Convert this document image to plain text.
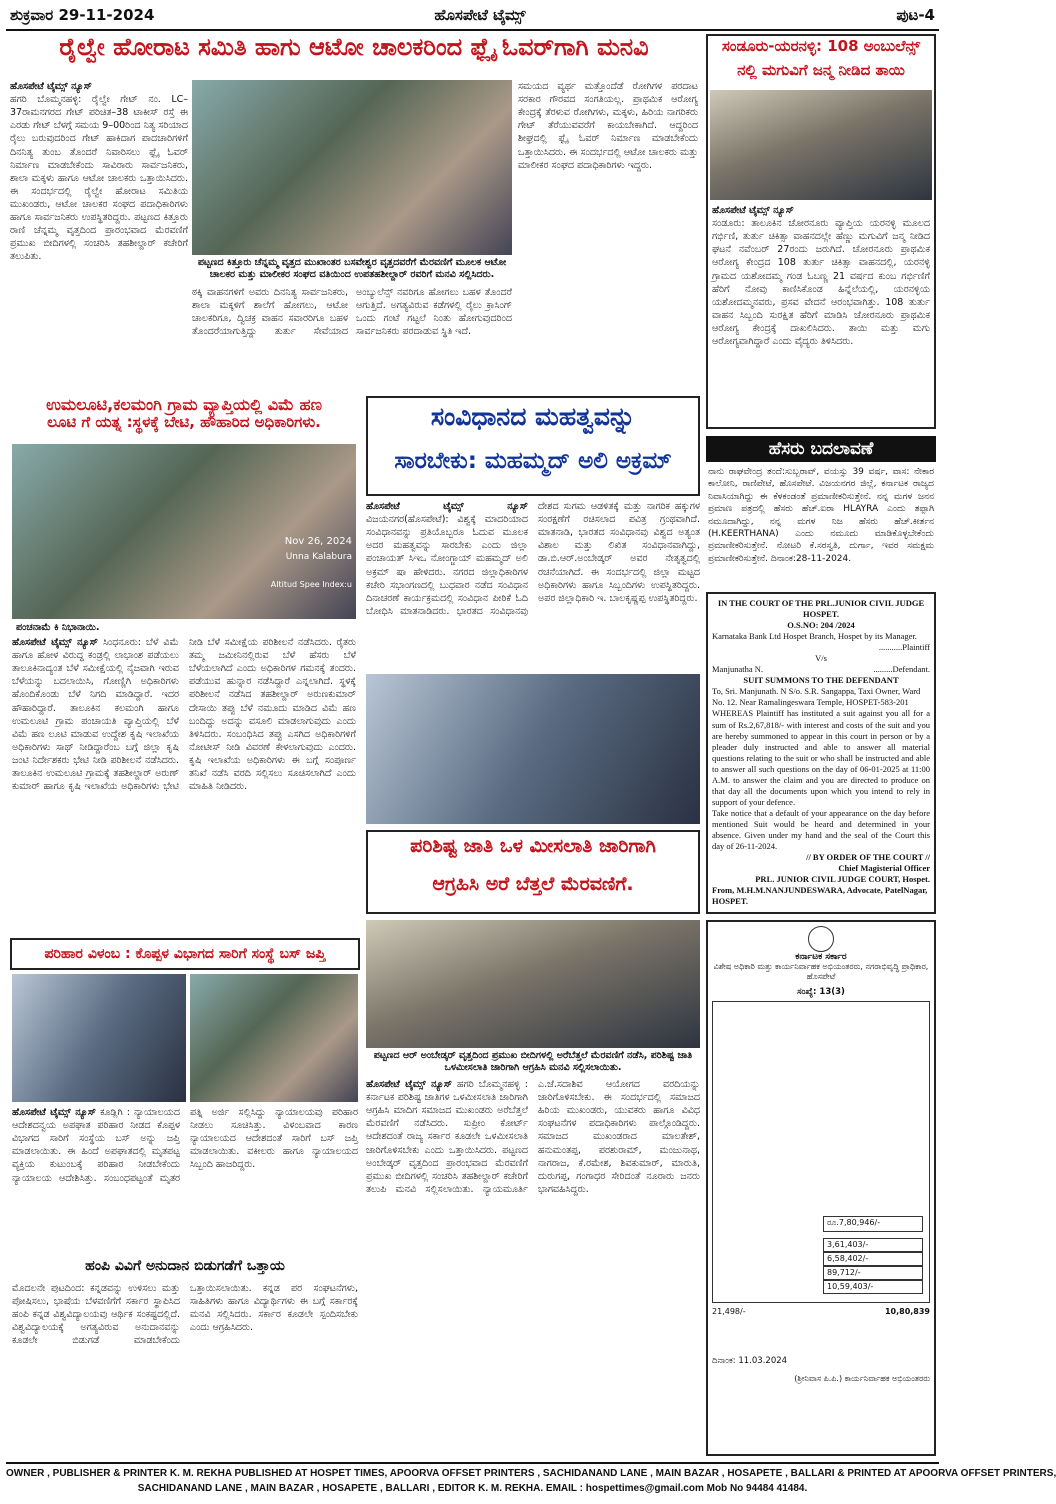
ಶುಕ್ರವಾರ 29-11-2024	ಹೊಸಪೇಟೆ ಟೈಮ್ಸ್	ಪುಟ-4
ರೈಲ್ವೇ ಹೋರಾಟ ಸಮಿತಿ ಹಾಗು ಆಟೋ ಚಾಲಕರಿಂದ ಫ್ಲೈ ಓವರ್‌ಗಾಗಿ ಮನವಿ
ಹೊಸಪೇಟೆ ಟೈಮ್ಸ್ ನ್ಯೂಸ್
ಹಗರಿ ಬೊಮ್ಮನಹಳ್ಳಿ: ರೈಲ್ವೇ ಗೇಟ್ ನಂ. LC–37ರಾಮನಗರದ ಗೇಟ್ ಪರಿಚಿತ–38 ಟಾಕೀಸ್ ರಸ್ತೆ ಈ ಎರಡು ಗೇಟ್ ಬೆಳಗ್ಗೆ ಸಮಯ 9–00ರಿಂದ ನಿತ್ಯ ಸರಿಯಾದ ರೈಲು ಬರುವುದರಿಂದ ಗೇಟ್ ಹಾಕಿದಾಗ ಪಾದಚಾರಿಗಳಿಗೆ ದಿನನಿತ್ಯ ತುಂಬ ತೊಂದರೆ ನಿವಾರಿಸಲು ಫ್ಲೈ ಓವರ್ ನಿರ್ಮಾಣ ಮಾಡಬೇಕೆಂದು ಸಾವಿರಾರು ಸಾರ್ವಜನಿಕರು, ಶಾಲಾ ಮಕ್ಕಳು ಹಾಗೂ ಆಟೋ ಚಾಲಕರು ಒತ್ತಾಯಿಸಿದರು. ಈ ಸಂದರ್ಭದಲ್ಲಿ ರೈಲ್ವೇ ಹೋರಾಟ ಸಮಿತಿಯ ಮುಖಂಡರು, ಆಟೋ ಚಾಲಕರ ಸಂಘದ ಪದಾಧಿಕಾರಿಗಳು ಹಾಗೂ ಸಾರ್ವಜನಿಕರು ಉಪಸ್ಥಿತರಿದ್ದರು. ಪಟ್ಟಣದ ಕಿತ್ತೂರು ರಾಣಿ ಚೆನ್ನಮ್ಮ ವೃತ್ತದಿಂದ ಪ್ರಾರಂಭವಾದ ಮೆರವಣಿಗೆ ಪ್ರಮುಖ ಬೀದಿಗಳಲ್ಲಿ ಸಂಚರಿಸಿ ತಹಶೀಲ್ದಾರ್ ಕಚೇರಿಗೆ ತಲುಪಿತು.
ಪಟ್ಟಣದ ಕಿತ್ತೂರು ಚೆನ್ನಮ್ಮ ವೃತ್ತದ ಮುಖಾಂತರ ಬಸವೇಶ್ವರ ವೃತ್ತದವರೆಗೆ ಮೆರವಣಿಗೆ ಮೂಲಕ ಆಟೋ ಚಾಲಕರ ಮತ್ತು ಮಾಲೀಕರ ಸಂಘದ ವತಿಯಿಂದ ಉಪತಹಶೀಲ್ದಾರ್ ರವರಿಗೆ ಮನವಿ ಸಲ್ಲಿಸಿದರು.
ಠಕ್ಕಿ ವಾಹನಗಳಿಗೆ ಅವರು ದಿನನಿತ್ಯ ಸಾರ್ವಜನಿಕರು, ಶಾಲಾ ಮಕ್ಕಳಿಗೆ ಶಾಲೆಗೆ ಹೋಗಲು, ಆಟೋ ಚಾಲಕರಿಗೂ, ದ್ವಿಚಕ್ರ ವಾಹನ ಸವಾರರಿಗೂ ಬಹಳ ತೊಂದರೆಯಾಗುತ್ತಿದ್ದು ತುರ್ತು ಸೇವೆಯಾದ ಅಂಬ್ಯುಲೆನ್ಸ್ ನವರಿಗೂ ಹೋಗಲು ಬಹಳ ತೊಂದರೆ ಆಗುತ್ತಿದೆ. ಅಗತ್ಯವಿರುವ ಕಡೆಗಳಲ್ಲಿ ರೈಲು ಕ್ರಾಸಿಂಗ್ ಒಂದು ಗಂಟೆ ಗಟ್ಟಲೆ ನಿಂತು ಹೋಗುವುದರಿಂದ ಸಾರ್ವಜನಿಕರು ಪರದಾಡುವ ಸ್ಥಿತಿ ಇದೆ.
ಸಮಯದ ವ್ಯರ್ಥ ಮತ್ತೊಂದೆಡೆ ರೋಗಿಗಳ ಪರದಾಟ ಸರಕಾರ ಗೌರವದ ಸಂಗತಿಯಲ್ಲ. ಪ್ರಾಥಮಿಕ ಆರೋಗ್ಯ ಕೇಂದ್ರಕ್ಕೆ ತೆರಳುವ ರೋಗಿಗಳು, ಮಕ್ಕಳು, ಹಿರಿಯ ನಾಗರಿಕರು ಗೇಟ್ ತೆರೆಯುವವರೆಗೆ ಕಾಯಬೇಕಾಗಿದೆ. ಆದ್ದರಿಂದ ಶೀಘ್ರದಲ್ಲಿ ಫ್ಲೈ ಓವರ್ ನಿರ್ಮಾಣ ಮಾಡಬೇಕೆಂದು ಒತ್ತಾಯಿಸಿದರು. ಈ ಸಂದರ್ಭದಲ್ಲಿ ಆಟೋ ಚಾಲಕರು ಮತ್ತು ಮಾಲೀಕರ ಸಂಘದ ಪದಾಧಿಕಾರಿಗಳು ಇದ್ದರು.
ಸಂಡೂರು-ಯರನಳ್ಳಿ: 108 ಅಂಬುಲೆನ್ಸ್
ನಲ್ಲಿ ಮಗುವಿಗೆ ಜನ್ಮ ನೀಡಿದ ತಾಯಿ
ಹೊಸಪೇಟೆ ಟೈಮ್ಸ್ ನ್ಯೂಸ್
ಸಂಡೂರು: ತಾಲೂಕಿನ ಚೋರನೂರು ವ್ಯಾಪ್ತಿಯ ಯರನಳ್ಳಿ ಮೂಲದ ಗರ್ಭಿಣಿ, ತುರ್ತು ಚಿಕಿತ್ಸಾ ವಾಹನದಲ್ಲೇ ಹೆಣ್ಣು ಮಗುವಿಗೆ ಜನ್ಮ ನೀಡಿದ ಘಟನೆ ನವೆಂಬರ್ 27ರಂದು ಜರುಗಿದೆ. ಚೋರನೂರು ಪ್ರಾಥಮಿಕ ಆರೋಗ್ಯ ಕೇಂದ್ರದ 108 ತುರ್ತು ಚಿಕಿತ್ಸಾ ವಾಹನದಲ್ಲಿ, ಯರನಳ್ಳಿ ಗ್ರಾಮದ ಯಶೋದಮ್ಮ ಗಂಡ ಓಬಣ್ಣ 21 ವರ್ಷದ ಕುಂಬ ಗರ್ಭಿಣಿಗೆ ಹೆರಿಗೆ ನೋವು ಕಾಣಿಸಿಕೊಂಡ ಹಿನ್ನೆಲೆಯಲ್ಲಿ, ಯರನಳ್ಳಿಯ ಯಶೋದಮ್ಮನವರು, ಪ್ರಸವ ವೇದನೆ ಆರಂಭವಾಗಿತ್ತು. 108 ತುರ್ತು ವಾಹನ ಸಿಬ್ಬಂದಿ ಸುರಕ್ಷಿತ ಹೆರಿಗೆ ಮಾಡಿಸಿ ಚೋರನೂರು ಪ್ರಾಥಮಿಕ ಆರೋಗ್ಯ ಕೇಂದ್ರಕ್ಕೆ ದಾಖಲಿಸಿದರು. ತಾಯಿ ಮತ್ತು ಮಗು ಆರೋಗ್ಯವಾಗಿದ್ದಾರೆ ಎಂದು ವೈದ್ಯರು ತಿಳಿಸಿದರು.
ಹೆಸರು ಬದಲಾವಣೆ
ನಾನು ರಾಘವೇಂದ್ರ ತಂದೆ:ಸುಬ್ಬರಾವ್, ವಯಸ್ಸು 39 ವರ್ಷ, ವಾಸ: ನೇಕಾರ ಕಾಲೋನಿ, ರಾಣಿಪೇಟೆ, ಹೊಸಪೇಟೆ. ವಿಜಯನಗರ ಜಿಲ್ಲೆ, ಕರ್ನಾಟಕ ರಾಜ್ಯದ ನಿವಾಸಿಯಾಗಿದ್ದು ಈ ಕೆಳಕಂಡಂತೆ ಪ್ರಮಾಣೀಕರಿಸುತ್ತೇನೆ. ನನ್ನ ಮಗಳ ಜನನ ಪ್ರಮಾಣ ಪತ್ರದಲ್ಲಿ ಹೆಸರು ಹೆಚ್.ಐರಾ HLAYRA ಎಂದು ತಪ್ಪಾಗಿ ನಮೂದಾಗಿದ್ದು, ನನ್ನ ಮಗಳ ನಿಜ ಹೆಸರು ಹೆಚ್.ಕೀರ್ತನ (H.KEERTHANA) ಎಂದು ನಮೂದು ಮಾಡಿಕೊಳ್ಳಬೇಕೆಂದು ಪ್ರಮಾಣೀಕರಿಸುತ್ತೇನೆ. ನೋಟರಿ ಕೆ.ಸರಸ್ವತಿ, ದುರ್ಗಾ, ಇವರ ಸಮಕ್ಷಮ ಪ್ರಮಾಣೀಕರಿಸುತ್ತೇನೆ. ದಿನಾಂಕ:28-11-2024.
IN THE COURT OF THE PRL.JUNIOR CIVIL JUDGE HOSPET.
O.S.NO: 204 /2024
Karnataka Bank Ltd Hospet Branch, Hospet by its Manager.
...........Plaintiff
V/s
Manjunatha N.	.........Defendant.
SUIT SUMMONS TO THE DEFENDANT
To, Sri. Manjunath. N S/o. S.R. Sangappa, Taxi Owner, Ward No. 12. Near Ramalingeswara Temple, HOSPET-583-201
WHEREAS Plaintiff has instituted a suit against you all for a sum of Rs.2,67,818/- with interest and costs of the suit and you are hereby summoned to appear in this court in person or by a pleader duly instructed and able to answer all material questions relating to the suit or who shall be instructed and able to answer all such questions on the day of 06-01-2025 at 11:00 A.M. to answer the claim and you are directed to produce on that day all the documents upon which you intend to rely in support of your defence.
Take notice that a default of your appearance on the day before mentioned Suit would be heard and determined in your absence. Given under my hand and the seal of the Court this day of 26-11-2024.
// BY ORDER OF THE COURT //
Chief Magisterial Officer
PRL. JUNIOR CIVIL JUDGE COURT, Hospet.
From, M.H.M.NANJUNDESWARA, Advocate, PatelNagar, HOSPET.
ಉಮಲೂಟಿ,ಕಲಮಂಗಿ ಗ್ರಾಮ ವ್ಯಾಪ್ತಿಯಲ್ಲಿ ವಿಮೆ ಹಣ
ಲೂಟಿ ಗೆ ಯತ್ನ :ಸ್ಥಳಕ್ಕೆ ಬೇಟಿ, ಹೌಹಾರಿದ ಅಧಿಕಾರಿಗಳು.
Nov 26, 2024
Unna Kalabura
Altitud Spee Index:u
ಪಂಚನಾಮೆ ಕಿ ನಿಭಾನಾಯಿ.
ಹೊಸಪೇಟೆ ಟೈಮ್ಸ್ ನ್ಯೂಸ್ ಸಿಂಧನೂರು: ಬೆಳೆ ವಿಮೆ ಹಾಗೂ ಹೋಳ ವಿರುದ್ಧ ಕಂಡ್ರಲ್ಲಿ ಲಾಭಾಂಶ ಪಡೆಯಲು ತಾಲೂಕಿನಾದ್ಯಂತ ಬೆಳೆ ಸಮೀಕ್ಷೆಯಲ್ಲಿ ನೈಜವಾಗಿ ಇರುವ ಬೆಳೆಯನ್ನು ಬದಲಾಯಿಸಿ, ಗೋಣ್ಣಿಗಿ ಅಧಿಕಾರಿಗಳು ಹೊಂದಿಕೊಂಡು ಬೆಳೆ ನಿಗದಿ ಮಾಡಿದ್ದಾರೆ. ಇದರ ಹೌಹಾರಿದ್ದಾರೆ. ತಾಲೂಕಿನ ಕಲಮಂಗಿ ಹಾಗೂ ಉಮಲೂಟಿ ಗ್ರಾಮ ಪಂಚಾಯತಿ ವ್ಯಾಪ್ತಿಯಲ್ಲಿ ಬೆಳೆ ವಿಮೆ ಹಣ ಲೂಟಿ ಮಾಡುವ ಉದ್ದೇಶ ಕೃಷಿ ಇಲಾಖೆಯ ಅಧಿಕಾರಿಗಳು ಸಾಥ್ ನೀಡಿದ್ದಾರೆಂಬ ಬಗ್ಗೆ ಜಿಲ್ಲಾ ಕೃಷಿ ಜಂಟಿ ನಿರ್ದೇಶಕರು ಭೇಟಿ ನೀಡಿ ಪರಿಶೀಲನೆ ನಡೆಸಿದರು. ತಾಲೂಕಿನ ಉಮಲೂಟಿ ಗ್ರಾಮಕ್ಕೆ ತಹಶೀಲ್ದಾರ್ ಅರುಣ್ ಕುಮಾರ್ ಹಾಗೂ ಕೃಷಿ ಇಲಾಖೆಯ ಅಧಿಕಾರಿಗಳು ಭೇಟಿ ನೀಡಿ ಬೆಳೆ ಸಮೀಕ್ಷೆಯ ಪರಿಶೀಲನೆ ನಡೆಸಿದರು. ರೈತರು ತಮ್ಮ ಜಮೀನಿನಲ್ಲಿರುವ ಬೆಳೆ ಹೆಸರು ಬೆಳೆ ಬೆಳೆಯಲಾಗಿದೆ ಎಂದು ಅಧಿಕಾರಿಗಳ ಗಮನಕ್ಕೆ ತಂದರು. ಪಡೆಯುವ ಹುನ್ನಾರ ನಡೆಸಿದ್ದಾರೆ ಎನ್ನಲಾಗಿದೆ. ಸ್ಥಳಕ್ಕೆ ಪರಿಶೀಲನೆ ನಡೆಸಿದ ತಹಶೀಲ್ದಾರ್ ಅರುಣಕುಮಾರ್ ದೇಸಾಯಿ ತಪ್ಪು ಬೆಳೆ ನಮೂದು ಮಾಡಿದ ವಿಮೆ ಹಣ ಬಂದಿದ್ದು ಅದನ್ನು ವಸೂಲಿ ಮಾಡಲಾಗುವುದು ಎಂದು ತಿಳಿಸಿದರು. ಸಂಬಂಧಿಸಿದ ತಪ್ಪು ಎಸಗಿದ ಅಧಿಕಾರಿಗಳಿಗೆ ನೋಟೀಸ್ ನೀಡಿ ವಿವರಣೆ ಕೇಳಲಾಗುವುದು ಎಂದರು. ಕೃಷಿ ಇಲಾಖೆಯ ಅಧಿಕಾರಿಗಳು ಈ ಬಗ್ಗೆ ಸಂಪೂರ್ಣ ತನಿಖೆ ನಡೆಸಿ ವರದಿ ಸಲ್ಲಿಸಲು ಸೂಚಿಸಲಾಗಿದೆ ಎಂದು ಮಾಹಿತಿ ನೀಡಿದರು.
ಸಂವಿಧಾನದ ಮಹತ್ವವನ್ನು
ಸಾರಬೇಕು: ಮಹಮ್ಮದ್ ಅಲಿ ಅಕ್ರಮ್
ಹೊಸಪೇಟೆ ಟೈಮ್ಸ್ ನ್ಯೂಸ್ ವಿಜಯನಗರ(ಹೊಸಪೇಟೆ): ವಿಶ್ವಕ್ಕೆ ಮಾದರಿಯಾದ ಸಂವಿಧಾನವನ್ನು ಪ್ರತಿಯೊಬ್ಬರೂ ಓದುವ ಮೂಲಕ ಅದರ ಮಹತ್ವವನ್ನು ಸಾರಬೇಕು ಎಂದು ಜಿಲ್ಲಾ ಪಂಚಾಯತ್ ಸಿಇಒ ನೋಂಗ್ಜಾಯ್ ಮಹಮ್ಮದ್ ಅಲಿ ಅಕ್ರಮ್ ಷಾ ಹೇಳಿದರು. ನಗರದ ಜಿಲ್ಲಾಧಿಕಾರಿಗಳ ಕಚೇರಿ ಸಭಾಂಗಣದಲ್ಲಿ ಬುಧವಾರ ನಡೆದ ಸಂವಿಧಾನ ದಿನಾಚರಣೆ ಕಾರ್ಯಕ್ರಮದಲ್ಲಿ ಸಂವಿಧಾನ ಪೀಠಿಕೆ ಓದಿ ಬೋಧಿಸಿ ಮಾತನಾಡಿದರು. ಭಾರತದ ಸಂವಿಧಾನವು ದೇಶದ ಸುಗಮ ಆಡಳಿತಕ್ಕೆ ಮತ್ತು ನಾಗರಿಕ ಹಕ್ಕುಗಳ ಸಂರಕ್ಷಣೆಗೆ ರಚಿಸಲಾದ ಪವಿತ್ರ ಗ್ರಂಥವಾಗಿದೆ. ಮಾತನಾಡಿ, ಭಾರತದ ಸಂವಿಧಾನವು ವಿಶ್ವದ ಅತ್ಯಂತ ವಿಶಾಲ ಮತ್ತು ಲಿಖಿತ ಸಂವಿಧಾನವಾಗಿದ್ದು, ಡಾ.ಬಿ.ಆರ್.ಅಂಬೇಡ್ಕರ್ ಅವರ ನೇತೃತ್ವದಲ್ಲಿ ರಚನೆಯಾಗಿದೆ. ಈ ಸಂದರ್ಭದಲ್ಲಿ ಜಿಲ್ಲಾ ಮಟ್ಟದ ಅಧಿಕಾರಿಗಳು ಹಾಗೂ ಸಿಬ್ಬಂದಿಗಳು ಉಪಸ್ಥಿತರಿದ್ದರು. ಅಪರ ಜಿಲ್ಲಾಧಿಕಾರಿ ಇ. ಬಾಲಕೃಷ್ಣಪ್ಪ ಉಪಸ್ಥಿತರಿದ್ದರು.
ಪರಿಶಿಷ್ಟ ಜಾತಿ ಒಳ ಮೀಸಲಾತಿ ಜಾರಿಗಾಗಿ
ಆಗ್ರಹಿಸಿ ಅರೆ ಬೆತ್ತಲೆ ಮೆರವಣಿಗೆ.
ಪಟ್ಟಣದ ಆರ್ ಅಂಬೇಡ್ಕರ್ ವೃತ್ತದಿಂದ ಪ್ರಮುಖ ಬೀದಿಗಳಲ್ಲಿ ಅರೆಬೆತ್ತಲೆ ಮೆರವಣಿಗೆ ನಡೆಸಿ, ಪರಿಶಿಷ್ಟ ಜಾತಿ ಒಳಮೀಸಲಾತಿ ಜಾರಿಗಾಗಿ ಆಗ್ರಹಿಸಿ ಮನವಿ ಸಲ್ಲಿಸಲಾಯಿತು.
ಹೊಸಪೇಟೆ ಟೈಮ್ಸ್ ನ್ಯೂಸ್ ಹಗರಿ ಬೊಮ್ಮನಹಳ್ಳಿ : ಕರ್ನಾಟಕ ಪರಿಶಿಷ್ಟ ಜಾತಿಗಳ ಒಳಮೀಸಲಾತಿ ಜಾರಿಗಾಗಿ ಆಗ್ರಹಿಸಿ ಮಾದಿಗ ಸಮಾಜದ ಮುಖಂಡರು ಅರೆಬೆತ್ತಲೆ ಮೆರವಣಿಗೆ ನಡೆಸಿದರು. ಸುಪ್ರೀಂ ಕೋರ್ಟ್ ಆದೇಶದಂತೆ ರಾಜ್ಯ ಸರ್ಕಾರ ಕೂಡಲೇ ಒಳಮೀಸಲಾತಿ ಜಾರಿಗೊಳಿಸಬೇಕು ಎಂದು ಒತ್ತಾಯಿಸಿದರು. ಪಟ್ಟಣದ ಅಂಬೇಡ್ಕರ್ ವೃತ್ತದಿಂದ ಪ್ರಾರಂಭವಾದ ಮೆರವಣಿಗೆ ಪ್ರಮುಖ ಬೀದಿಗಳಲ್ಲಿ ಸಂಚರಿಸಿ ತಹಶೀಲ್ದಾರ್ ಕಚೇರಿಗೆ ತಲುಪಿ ಮನವಿ ಸಲ್ಲಿಸಲಾಯಿತು. ನ್ಯಾಯಮೂರ್ತಿ ಎ.ಜೆ.ಸದಾಶಿವ ಆಯೋಗದ ವರದಿಯನ್ನು ಜಾರಿಗೊಳಿಸಬೇಕು. ಈ ಸಂದರ್ಭದಲ್ಲಿ ಸಮಾಜದ ಹಿರಿಯ ಮುಖಂಡರು, ಯುವಕರು ಹಾಗೂ ವಿವಿಧ ಸಂಘಟನೆಗಳ ಪದಾಧಿಕಾರಿಗಳು ಪಾಲ್ಗೊಂಡಿದ್ದರು. ಸಮಾಜದ ಮುಖಂಡರಾದ ಮಾಲತೇಶ್, ಹನುಮಂತಪ್ಪ, ಪರಶುರಾಮ್, ಮಂಜುನಾಥ, ನಾಗರಾಜ, ಕೆ.ರಮೇಶ, ಶಿವಕುಮಾರ್, ಮಾರುತಿ, ದುರುಗಪ್ಪ, ಗಂಗಾಧರ ಸೇರಿದಂತೆ ನೂರಾರು ಜನರು ಭಾಗವಹಿಸಿದ್ದರು.
ಪರಿಹಾರ ವಿಳಂಬ : ಕೊಪ್ಪಳ ವಿಭಾಗದ ಸಾರಿಗೆ ಸಂಸ್ಥೆ ಬಸ್ ಜಪ್ತಿ
ಹೊಸಪೇಟೆ ಟೈಮ್ಸ್ ನ್ಯೂಸ್ ಕೂಡ್ಲಿಗಿ : ನ್ಯಾಯಾಲಯದ ಆದೇಶದನ್ವಯ ಅಪಘಾತ ಪರಿಹಾರ ನೀಡದ ಕೊಪ್ಪಳ ವಿಭಾಗದ ಸಾರಿಗೆ ಸಂಸ್ಥೆಯ ಬಸ್ ಅನ್ನು ಜಪ್ತಿ ಮಾಡಲಾಯಿತು. ಈ ಹಿಂದೆ ಅಪಘಾತದಲ್ಲಿ ಮೃತಪಟ್ಟ ವ್ಯಕ್ತಿಯ ಕುಟುಂಬಕ್ಕೆ ಪರಿಹಾರ ನೀಡಬೇಕೆಂದು ನ್ಯಾಯಾಲಯ ಆದೇಶಿಸಿತ್ತು. ಸಂಬಂಧಪಟ್ಟಂತೆ ಮೃತರ ಪತ್ನಿ ಅರ್ಜಿ ಸಲ್ಲಿಸಿದ್ದು ನ್ಯಾಯಾಲಯವು ಪರಿಹಾರ ನೀಡಲು ಸೂಚಿಸಿತ್ತು. ವಿಳಂಬವಾದ ಕಾರಣ ನ್ಯಾಯಾಲಯದ ಆದೇಶದಂತೆ ಸಾರಿಗೆ ಬಸ್ ಜಪ್ತಿ ಮಾಡಲಾಯಿತು. ವಕೀಲರು ಹಾಗೂ ನ್ಯಾಯಾಲಯದ ಸಿಬ್ಬಂದಿ ಹಾಜರಿದ್ದರು.
ಹಂಪಿ ವಿವಿಗೆ ಅನುದಾನ ಬಿಡುಗಡೆಗೆ ಒತ್ತಾಯ
ಮೊದಲನೇ ಪುಟದಿಂದ: ಕನ್ನಡವನ್ನು ಉಳಿಸಲು ಮತ್ತು ಪೋಷಿಸಲು, ಭಾಷೆಯ ಬೆಳವಣಿಗೆಗೆ ಸರ್ಕಾರ ಸ್ಥಾಪಿಸಿದ ಹಂಪಿ ಕನ್ನಡ ವಿಶ್ವವಿದ್ಯಾಲಯವು ಆರ್ಥಿಕ ಸಂಕಷ್ಟದಲ್ಲಿದೆ. ವಿಶ್ವವಿದ್ಯಾಲಯಕ್ಕೆ ಅಗತ್ಯವಿರುವ ಅನುದಾನವನ್ನು ಕೂಡಲೇ ಬಿಡುಗಡೆ ಮಾಡಬೇಕೆಂದು ಒತ್ತಾಯಿಸಲಾಯಿತು. ಕನ್ನಡ ಪರ ಸಂಘಟನೆಗಳು, ಸಾಹಿತಿಗಳು ಹಾಗೂ ವಿದ್ಯಾರ್ಥಿಗಳು ಈ ಬಗ್ಗೆ ಸರ್ಕಾರಕ್ಕೆ ಮನವಿ ಸಲ್ಲಿಸಿದರು. ಸರ್ಕಾರ ಕೂಡಲೇ ಸ್ಪಂದಿಸಬೇಕು ಎಂದು ಆಗ್ರಹಿಸಿದರು.
ಕರ್ನಾಟಕ ಸರ್ಕಾರ
ವಿಶೇಷ ಅಧಿಕಾರಿ ಮತ್ತು ಕಾರ್ಯನಿರ್ವಾಹಕ ಅಭಿಯಂತರರು, ನಗರಾಭಿವೃದ್ಧಿ ಪ್ರಾಧಿಕಾರ, ಹೊಸಪೇಟೆ
ಸಂಖ್ಯೆ: 13(3)
ರೂ.7,80,946/-
3,61,403/-
6,58,402/-
89,712/-
10,59,403/-
21,498/-	10,80,839
ದಿನಾಂಕ: 11.03.2024
(ಶ್ರೀನಿವಾಸ ಪಿ.ಪಿ.) ಕಾರ್ಯನಿರ್ವಾಹಕ ಅಭಿಯಂತರರು
OWNER , PUBLISHER & PRINTER K. M. REKHA PUBLISHED AT HOSPET TIMES, APOORVA OFFSET PRINTERS , SACHIDANAND LANE , MAIN BAZAR , HOSAPETE , BALLARI & PRINTED AT APOORVA OFFSET PRINTERS,
SACHIDANAND LANE , MAIN BAZAR , HOSAPETE , BALLARI , EDITOR K. M. REKHA. EMAIL : hospettimes@gmail.com Mob No 94484 41484.
